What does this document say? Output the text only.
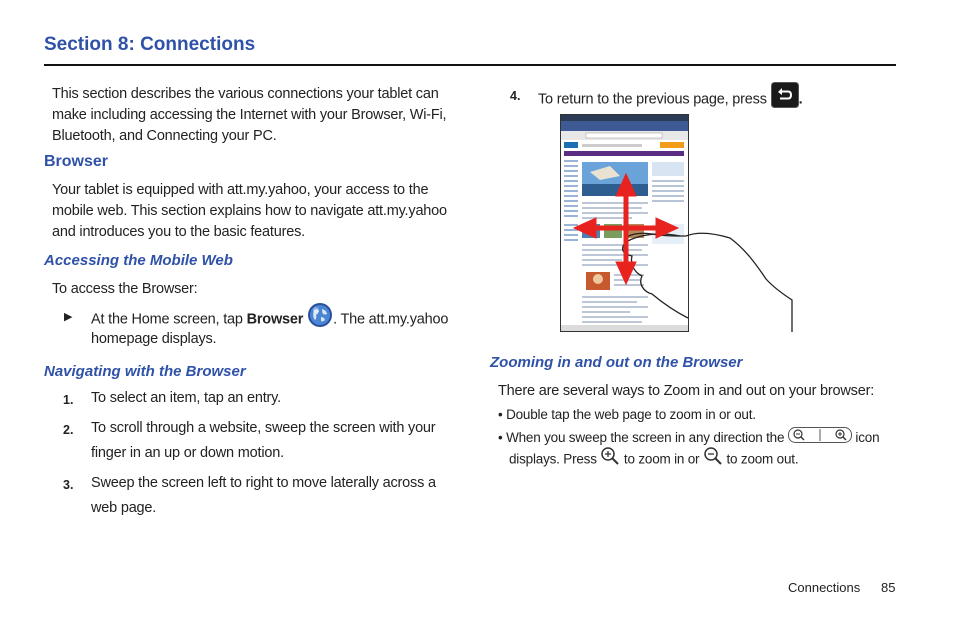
Section 8: Connections

This section describes the various connections your tablet can
make including accessing the Internet with your Browser, Wi-Fi,
Bluetooth, and Connecting your PC.

Browser

Your tablet is equipped with att.my.yahoo, your access to the
mobile web. This section explains how to navigate att.my.yahoo
and introduces you to the basic features.

Accessing the Mobile Web
To access the Browser:
▶ At the Home screen, tap Browser . The att.my.yahoo
homepage displays.
Navigating with the Browser
1. To select an item, tap an entry.
2. To scroll through a website, sweep the screen with your
finger in an up or down motion.
3. Sweep the screen left to right to move laterally across a
web page.
4. To return to the previous page, press .
Zooming in and out on the Browser
There are several ways to Zoom in and out on your browser:
• Double tap the web page to zoom in or out.
• When you sweep the screen in any direction the	icon
displays. Press to zoom in or to zoom out.
Connections 85
